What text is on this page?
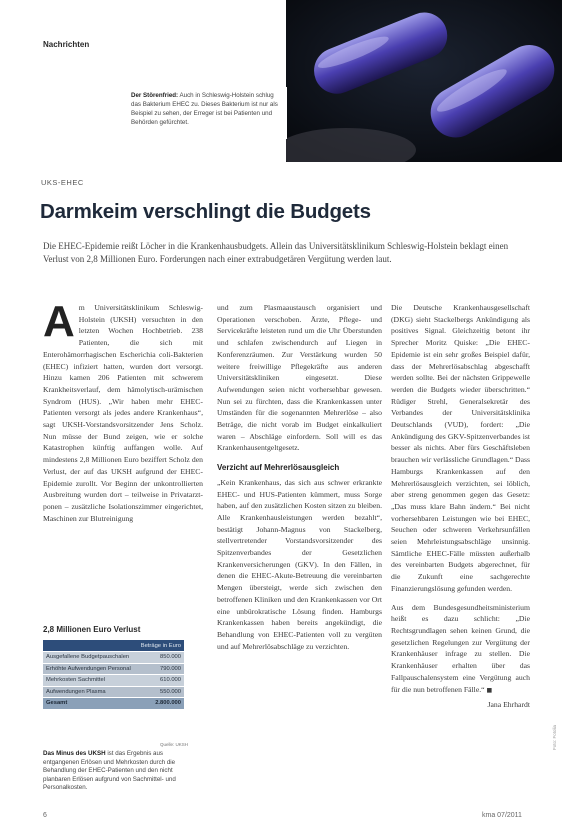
Nachrichten
Der Störenfried: Auch in Schleswig-Holstein schlug das Bakterium EHEC zu. Dieses Bakterium ist nur als Beispiel zu sehen, der Erreger ist bei Patienten und Behörden gefürchtet.
UKS-EHEC
Darmkeim verschlingt die Budgets
Die EHEC-Epidemie reißt Löcher in die Krankenhausbudgets. Allein das Universitätsklinikum Schleswig-Holstein beklagt einen Verlust von 2,8 Millionen Euro. Forderungen nach einer extrabudgetären Vergütung werden laut.
A m Universitätsklinikum Schleswig-Holstein (UKSH) versuchten in den letzten Wochen Hochbetrieb. 238 Patienten, die sich mit Enterohämorrhagischen Escherichia coli-Bakterien (EHEC) infiziert hatten, wurden dort versorgt. Hinzu kamen 206 Patienten mit schwerem Krankheitsverlauf, dem hämolytisch-urämischen Syndrom (HUS). „Wir haben mehr EHEC-Patienten versorgt als jedes andere Krankenhaus“, sagt UKSH-Vorstandsvorsitzender Jens Scholz. Nun müsse der Bund zeigen, wie er solche Katastrophen künftig auffangen wolle. Auf mindestens 2,8 Millionen Euro beziffert Scholz den Verlust, der auf das UKSH aufgrund der EHEC-Epidemie zurollt. Vor Beginn der unkontrollierten Ausbreitung wurden dort – teilweise in Privatarzt-ponen – zusätzliche Isolationszimmer eingerichtet, Maschinen zur Blutreinigung
und zum Plasmaaustausch organisiert und Operationen verschoben. Ärzte, Pflege- und Servicekräfte leisteten rund um die Uhr Überstunden und schlafen zwischendurch auf Liegen in Konferenzräumen. Zur Verstärkung wurden 50 weitere freiwillige Pflegekräfte aus anderen Universitätskliniken eingesetzt. Diese Aufwendungen seien nicht vorhersehbar gewesen. Nun sei zu fürchten, dass die Krankenkassen unter Umständen für die sogenannten Mehrerlöse – also Beträge, die nicht vorab im Budget einkalkuliert waren – Abschläge einfordern. Soll will es das Krankenhausentgeltgesetz.
Verzicht auf Mehrerlösausgleich
„Kein Krankenhaus, das sich aus schwer erkrankte EHEC- und HUS-Patienten kümmert, muss Sorge haben, auf den zusätzlichen Kosten sitzen zu bleiben. Alle Krankenhausleistungen werden bezahlt“, bestätigt Johann-Magnus von Stackelberg, stellvertretender Vorstandsvorsitzender des Spitzenverbandes der Gesetzlichen Krankenversicherungen (GKV). In den Fällen, in denen die EHEC-Akute-Betreuung die vereinbarten Mengen übersteigt, werde sich zwischen den betroffenen Kliniken und den Krankenkassen vor Ort eine unbürokratische Lösung finden. Hamburgs Krankenkassen haben bereits angekündigt, die Behandlung von EHEC-Patienten voll zu vergüten und auf Mehrerlösabschläge zu verzichten.
Die Deutsche Krankenhausgesellschaft (DKG) sieht Stackelbergs Ankündigung als positives Signal. Gleichzeitig betont ihr Sprecher Moritz Quiske: „Die EHEC-Epidemie ist ein sehr großes Beispiel dafür, dass der Mehrerlösabschlag abgeschafft werden sollte. Bei der nächsten Grippewelle werden die Budgets wieder überschritten.“ Rüdiger Strehl, Generalsekretär des Verbandes der Universitätsklinika Deutschlands (VUD), fordert: „Die Ankündigung des GKV-Spitzenverbandes ist besser als nichts. Aber fürs Geschäftsleben brauchen wir verlässliche Grundlagen.“ Dass Hamburgs Krankenkassen auf den Mehrerlösausgleich verzichten, sei löblich, aber streng genommen gegen das Gesetz: „Das muss klare Bahn ändern.“ Bei nicht vorhersehbaren Leistungen wie bei EHEC, Seuchen oder schweren Verkehrsunfällen seien Mehrleistungsabschläge unsinnig. Sämtliche EHEC-Fälle müssten außerhalb des vereinbarten Budgets abgerechnet, für die Zukunft eine sachgerechte Finanzierungslösung gefunden werden.
Aus dem Bundesgesundheitsministerium heißt es dazu schlicht: „Die Rechtsgrundlagen sehen keinen Grund, die gesetzlichen Regelungen zur Vergütung der Krankenhäuser infrage zu stellen. Die Krankenhäuser erhalten über das Fallpauschalensystem eine Vergütung auch für die nun betroffenen Fälle.“ ■
Jana Ehrhardt
2,8 Millionen Euro Verlust
Beträge in Euro	
Ausgefallene Budgetpauschalen	850.000
Erhöhte Aufwendungen Personal	790.000
Mehrkosten Sachmittel	610.000
Aufwendungen Plasma	550.000
Gesamt	2.800.000
Quelle: UKSH
Das Minus des UKSH ist das Ergebnis aus entgangenen Erlösen und Mehrkosten durch die Behandlung der EHEC-Patienten und den nicht planbaren Erlösen aufgrund von Sachmittel- und Personalkosten.
Foto: Fotolia
6	kma 07/2011
